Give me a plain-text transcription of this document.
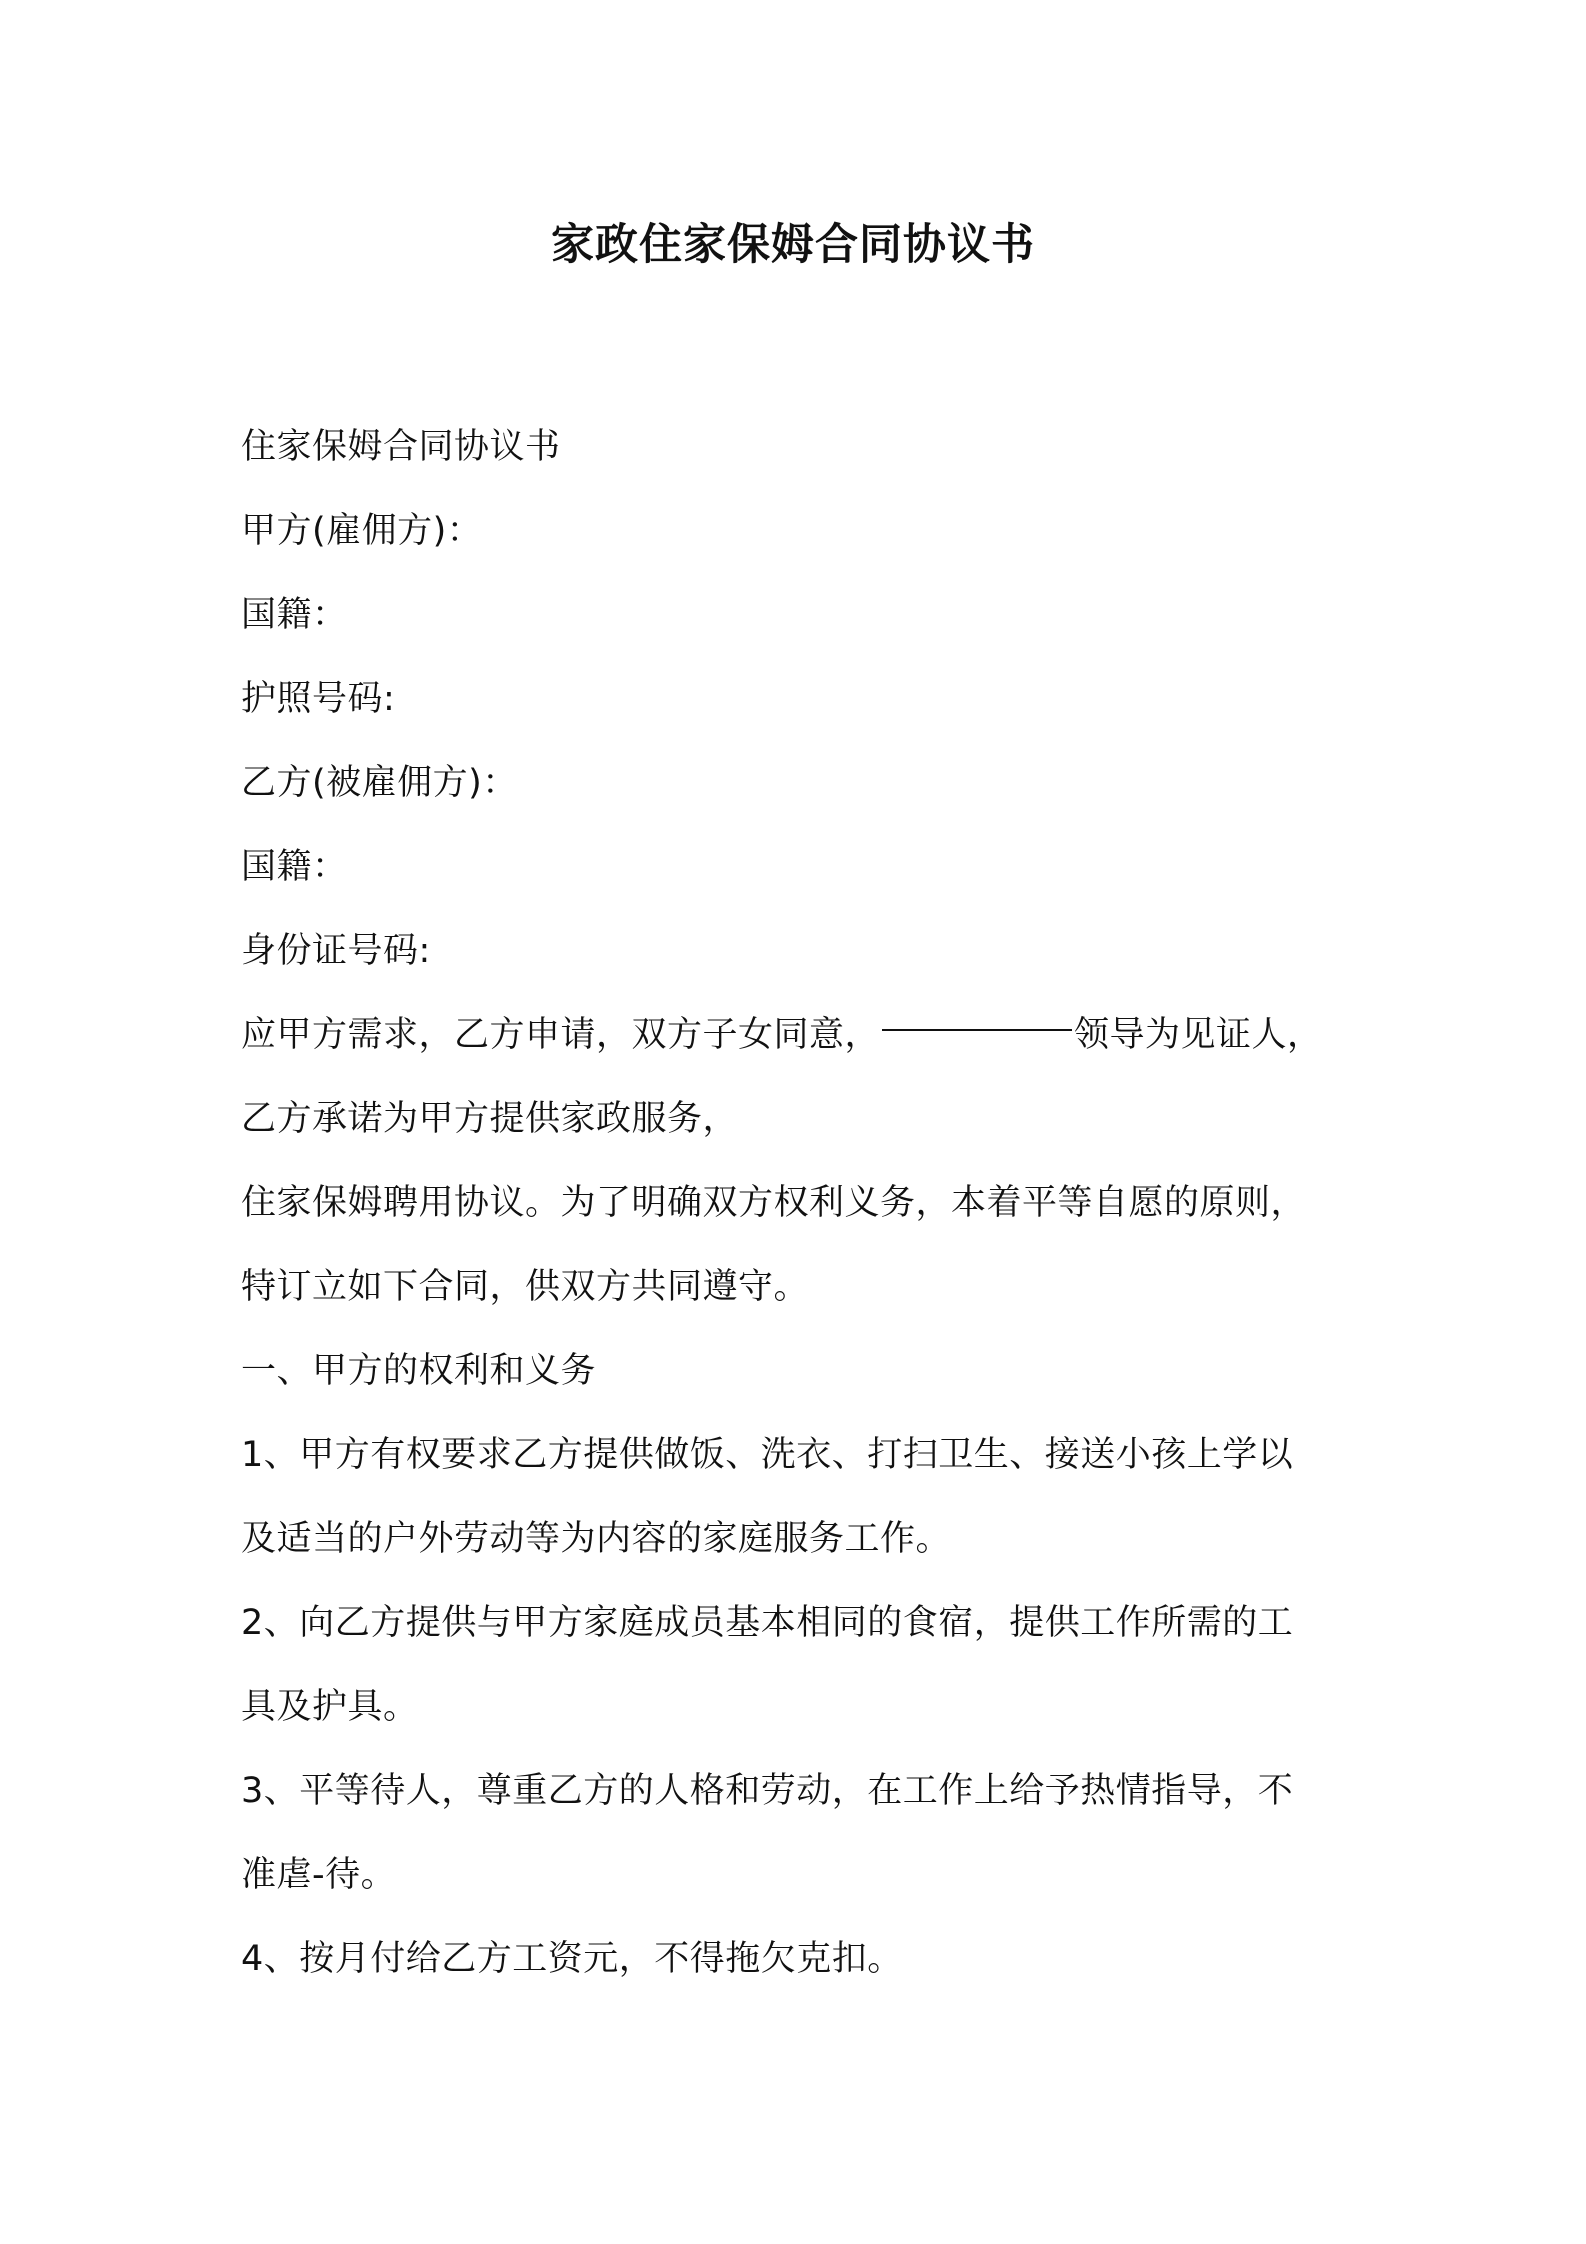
家政住家保姆合同协议书
住家保姆合同协议书
甲方(雇佣方)：
国籍：
护照号码:
乙方(被雇佣方)：
国籍：
身份证号码:
应甲方需求，乙方申请，双方子女同意，	领导为见证人，
乙方承诺为甲方提供家政服务，
住家保姆聘用协议。为了明确双方权利义务，本着平等自愿的原则，
特订立如下合同，供双方共同遵守。
一、甲方的权利和义务
1、甲方有权要求乙方提供做饭、洗衣、打扫卫生、接送小孩上学以
及适当的户外劳动等为内容的家庭服务工作。
2、向乙方提供与甲方家庭成员基本相同的食宿，提供工作所需的工
具及护具。
3、平等待人，尊重乙方的人格和劳动，在工作上给予热情指导，不
准虐-待。
4、按月付给乙方工资元，不得拖欠克扣。
